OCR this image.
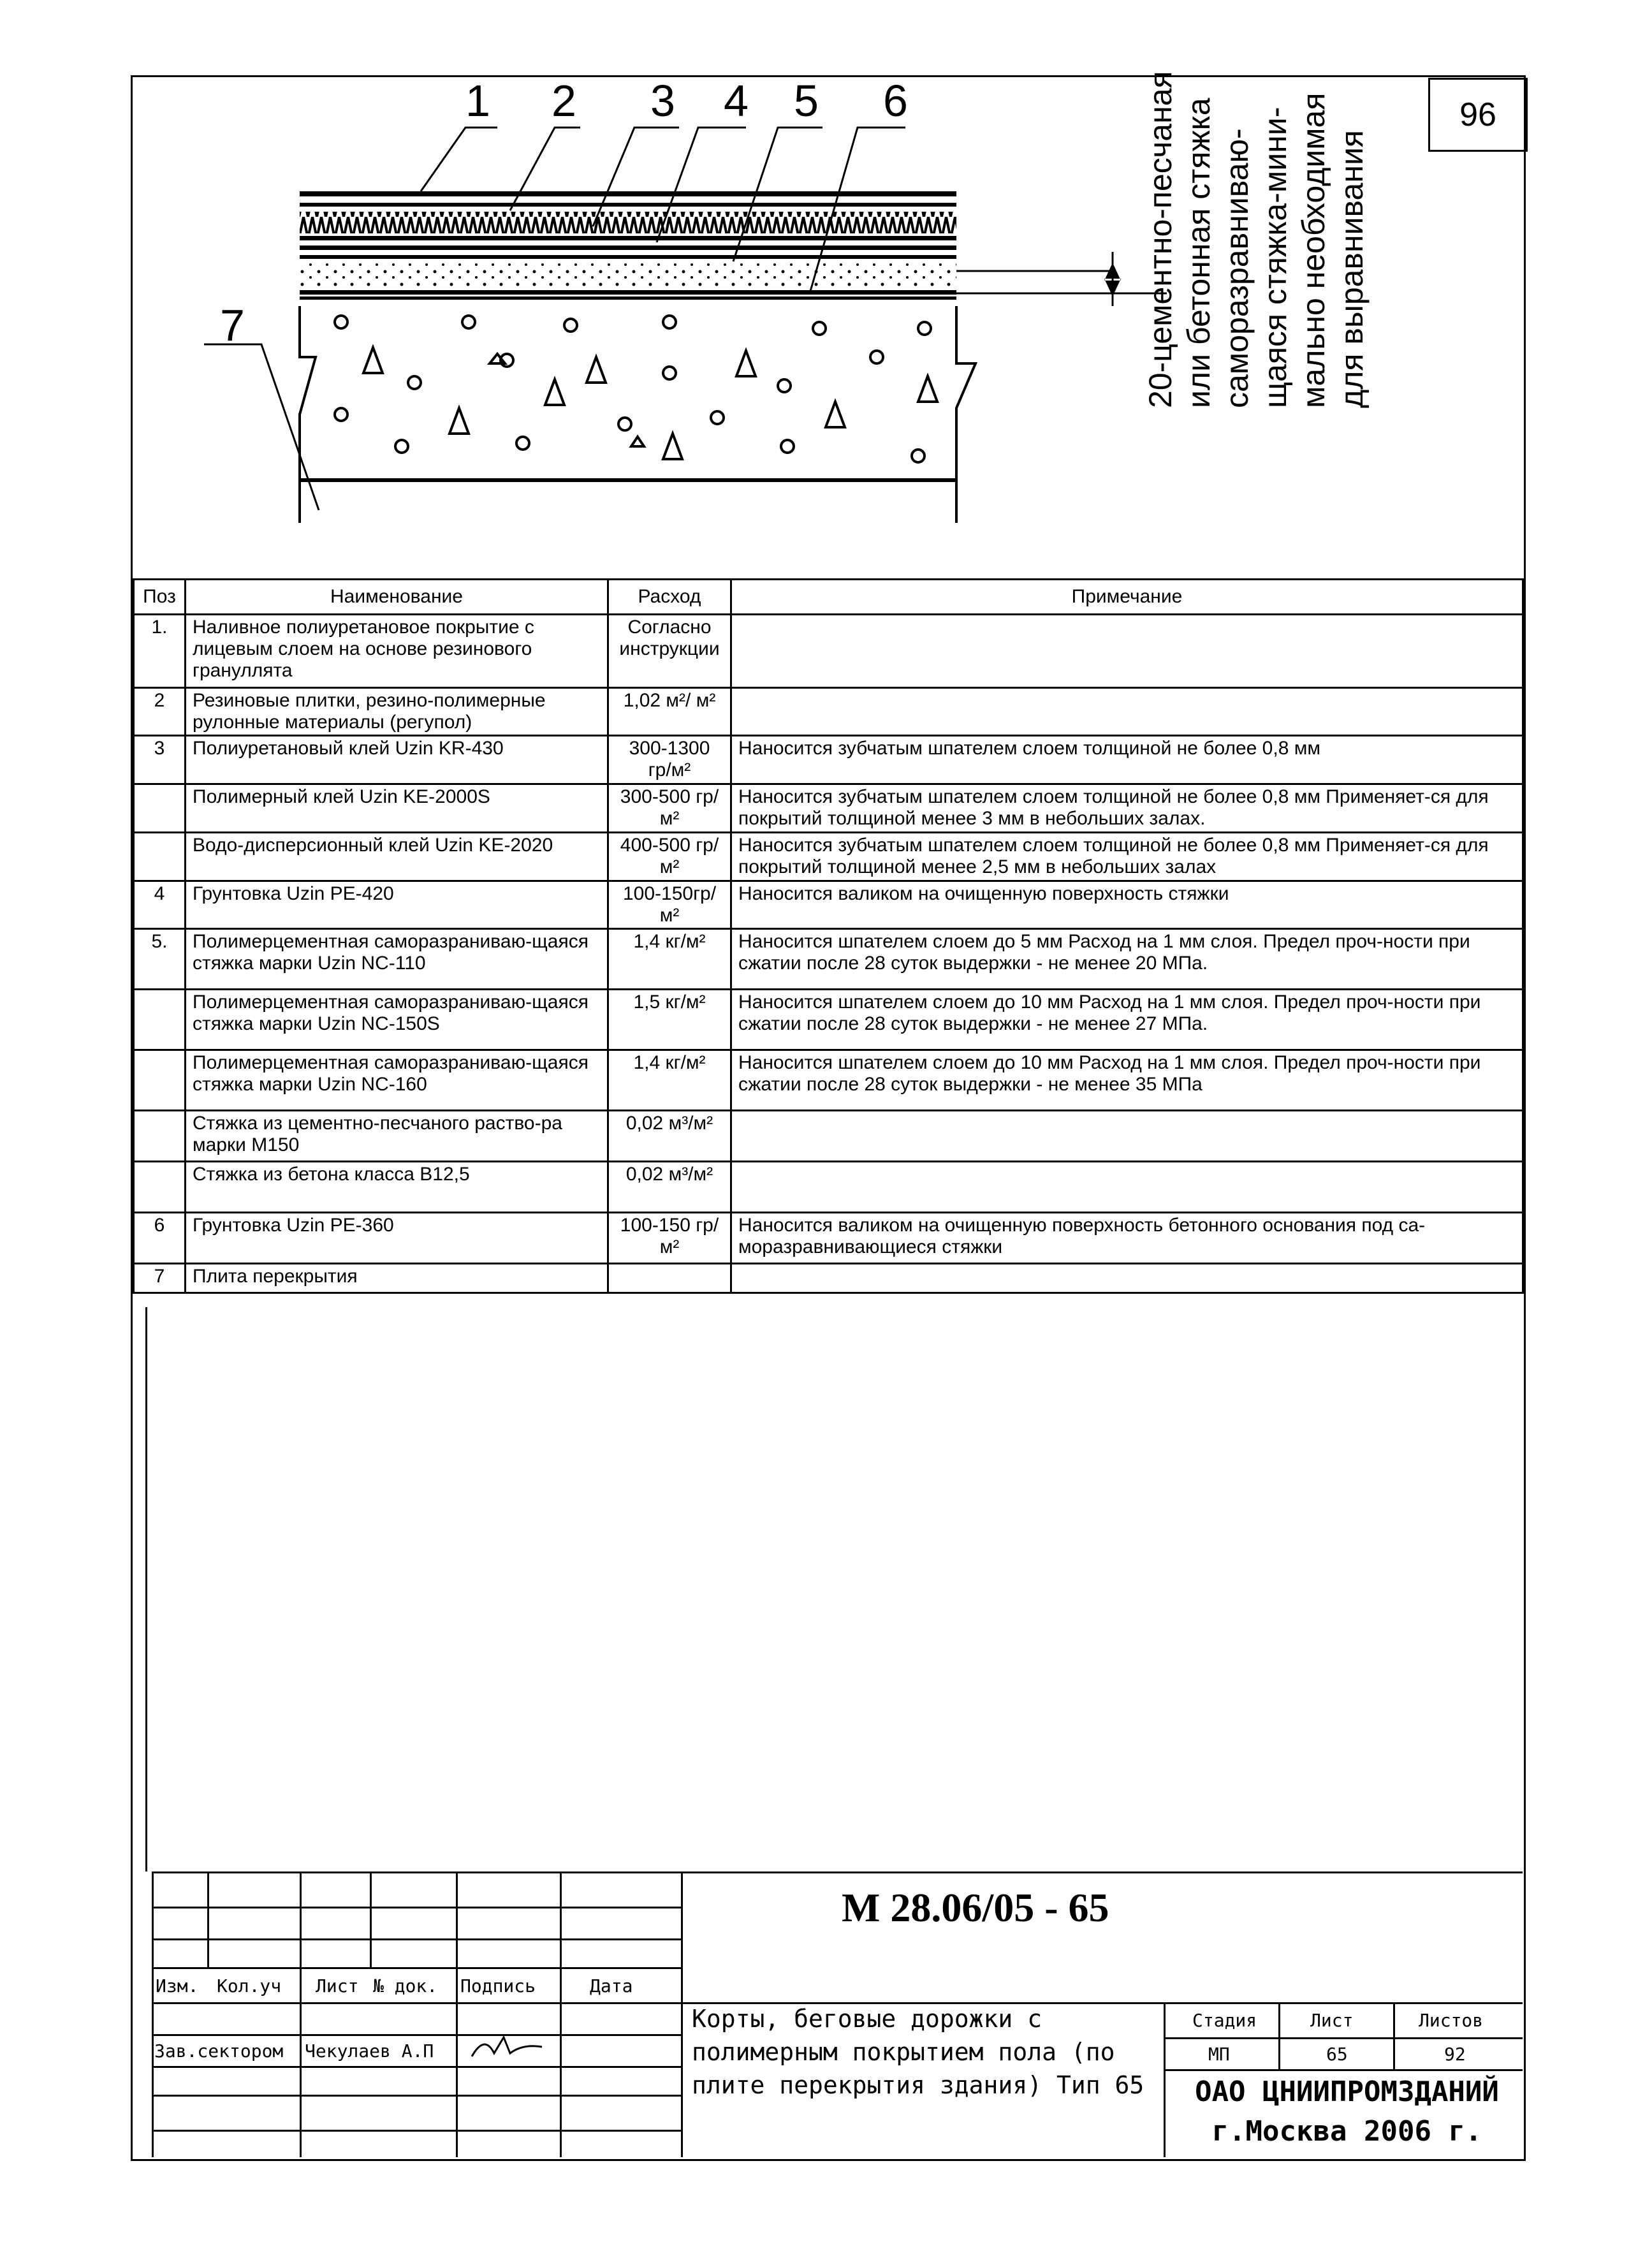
96
1 2 3 4 5 6
7	20-цементно-песчаная или бетонная стяжка саморазравниваю- щаяся стяжка-мини- мально необходимая для выравнивания
Поз	Наименование	Расход	Примечание
1.	Наливное полиуретановое покрытие с лицевым слоем на основе резинового грануллята	Согласно инструкции	
2	Резиновые плитки, резино-полимерные рулонные материалы (регупол)	1,02 м²/ м²	
3	Полиуретановый клей Uzin KR-430	300-1300 гр/м²	Наносится зубчатым шпателем слоем толщиной не более 0,8 мм
	Полимерный клей Uzin KE-2000S	300-500 гр/м²	Наносится зубчатым шпателем слоем толщиной не более 0,8 мм Применяет-ся для покрытий толщиной менее 3 мм в небольших залах.
	Водо-дисперсионный клей Uzin KE-2020	400-500 гр/м²	Наносится зубчатым шпателем слоем толщиной не более 0,8 мм Применяет-ся для покрытий толщиной менее 2,5 мм в небольших залах
4	Грунтовка Uzin PE-420	100-150гр/м²	Наносится валиком на очищенную поверхность стяжки
5.	Полимерцементная саморазраниваю-щаяся стяжка марки Uzin NC-110	1,4 кг/м²	Наносится шпателем слоем до 5 мм Расход на 1 мм слоя. Предел проч-ности при сжатии после 28 суток выдержки - не менее 20 МПа.
	Полимерцементная саморазраниваю-щаяся стяжка марки Uzin NC-150S	1,5 кг/м²	Наносится шпателем слоем до 10 мм Расход на 1 мм слоя. Предел проч-ности при сжатии после 28 суток выдержки - не менее 27 МПа.
	Полимерцементная саморазраниваю-щаяся стяжка марки Uzin NC-160	1,4 кг/м²	Наносится шпателем слоем до 10 мм Расход на 1 мм слоя. Предел проч-ности при сжатии после 28 суток выдержки - не менее 35 МПа
	Стяжка из цементно-песчаного раство-ра марки М150	0,02 м³/м²	
	Стяжка из бетона класса В12,5	0,02 м³/м²	
6	Грунтовка Uzin PE-360	100-150 гр/м²	Наносится валиком на очищенную поверхность бетонного основания под са-моразравнивающиеся стяжки
7	Плита перекрытия		
М 28.06/05 - 65
Изм. Кол.уч Лист № док. Подпись	Дата
Зав.сектором Чекулаев А.П
Корты, беговые дорожки с полимерным покрытием пола (по плите перекрытия здания) Тип 65
Стадия	Лист	Листов
МП	65	92
ОАО ЦНИИПРОМЗДАНИЙ
г.Москва 2006 г.
